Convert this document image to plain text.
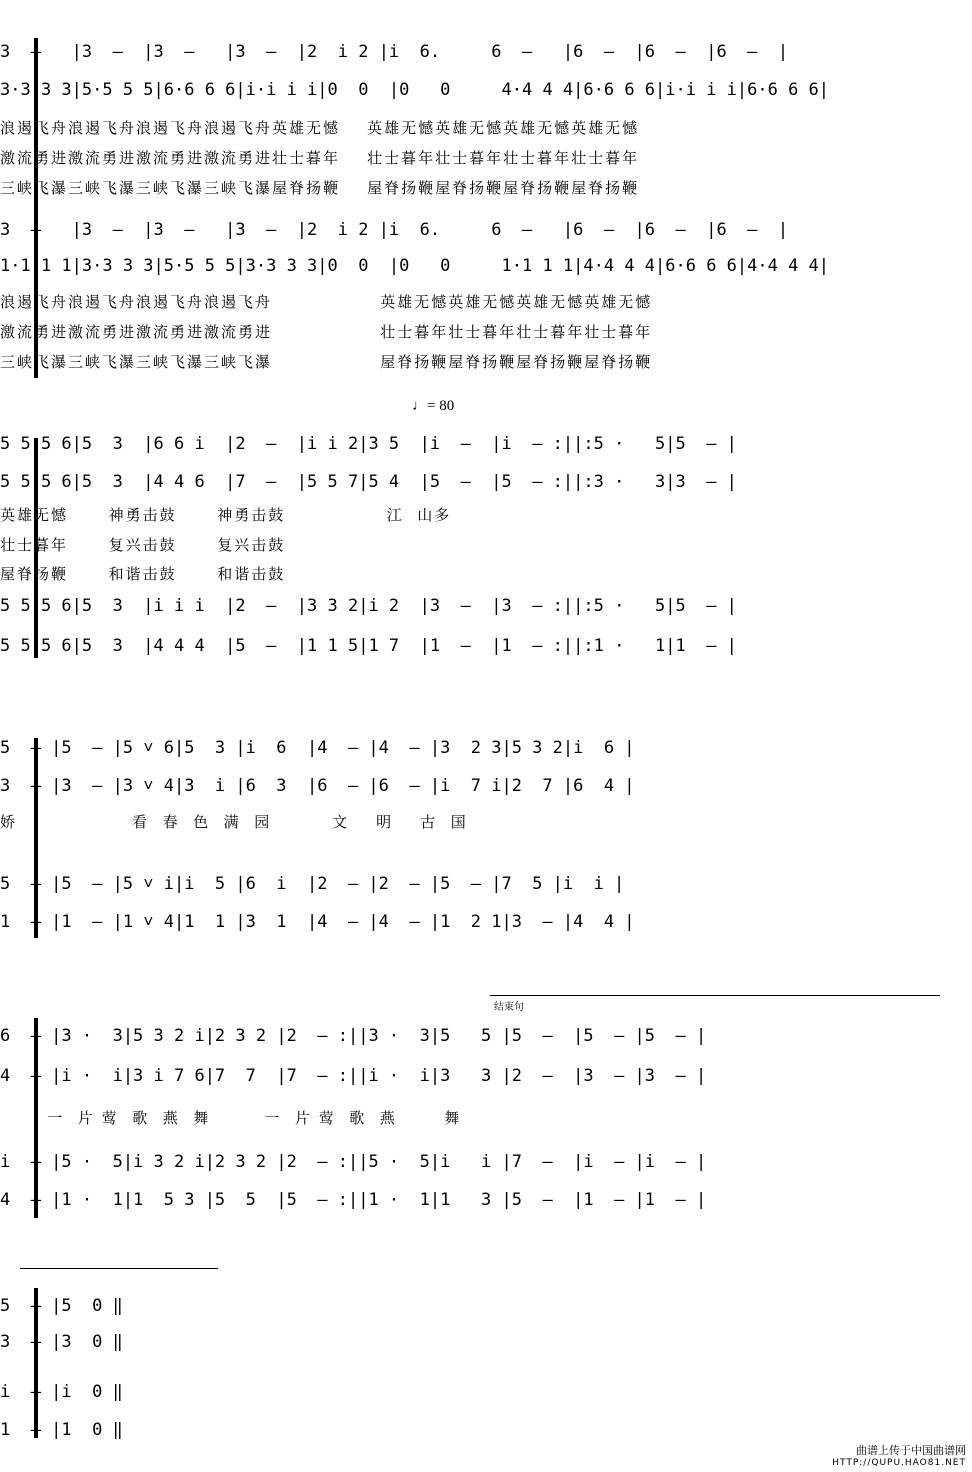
3  —   |3  —  |3  —   |3  —  |2  i 2 |i  6.     6  —   |6  —  |6  —  |6  —  |
3·3 3 3|5·5 5 5|6·6 6 6|i·i i i|0  0  |0   0     4·4 4 4|6·6 6 6|i·i i i|6·6 6 6|
浪遏飞舟浪遏飞舟浪遏飞舟浪遏飞舟英雄无憾    英雄无憾英雄无憾英雄无憾英雄无憾
激流勇进激流勇进激流勇进激流勇进壮士暮年    壮士暮年壮士暮年壮士暮年壮士暮年
三峡飞瀑三峡飞瀑三峡飞瀑三峡飞瀑屋脊扬鞭    屋脊扬鞭屋脊扬鞭屋脊扬鞭屋脊扬鞭
3  —   |3  —  |3  —   |3  —  |2  i 2 |i  6.     6  —   |6  —  |6  —  |6  —  |
1·1 1 1|3·3 3 3|5·5 5 5|3·3 3 3|0  0  |0   0     1·1 1 1|4·4 4 4|6·6 6 6|4·4 4 4|
浪遏飞舟浪遏飞舟浪遏飞舟浪遏飞舟                英雄无憾英雄无憾英雄无憾英雄无憾
激流勇进激流勇进激流勇进激流勇进                壮士暮年壮士暮年壮士暮年壮士暮年
三峡飞瀑三峡飞瀑三峡飞瀑三峡飞瀑                屋脊扬鞭屋脊扬鞭屋脊扬鞭屋脊扬鞭
♩= 80
5 5 5 6|5  3  |6 6 i  |2  —  |i i 2|3 5  |i  —  |i  — :||:5 ·   5|5  — |
5 5 5 6|5  3  |4 4 6  |7  —  |5 5 7|5 4  |5  —  |5  — :||:3 ·   3|3  — |
英雄无憾      神勇击鼓      神勇击鼓               江  山多
壮士暮年      复兴击鼓      复兴击鼓
屋脊扬鞭      和谐击鼓      和谐击鼓
5 5 5 6|5  3  |i i i  |2  —  |3 3 2|i 2  |3  —  |3  — :||:5 ·   5|5  — |
5 5 5 6|5  3  |4 4 4  |5  —  |1 1 5|1 7  |1  —  |1  — :||:1 ·   1|1  — |
5  — |5  — |5 ˅ 6|5  3 |i  6  |4  — |4  — |3  2 3|5 3 2|i  6 |
3  — |3  — |3 ˅ 4|3  i |6  3  |6  — |6  — |i  7 i|2  7 |6  4 |
娇                 看  春  色  满  园         文    明    古  国
5  — |5  — |5 ˅ i|i  5 |6  i  |2  — |2  — |5  — |7  5 |i  i |
1  — |1  — |1 ˅ 4|1  1 |3  1  |4  — |4  — |1  2 1|3  — |4  4 |
结束句
6  — |3 ·  3|5 3 2 i|2 3 2 |2  — :||3 ·  3|5   5 |5  —  |5  — |5  — |
4  — |i ·  i|3 i 7 6|7  7  |7  — :||i ·  i|3   3 |2  —  |3  — |3  — |
一  片 莺  歌  燕  舞        一  片 莺  歌  燕       舞
i  — |5 ·  5|i 3 2 i|2 3 2 |2  — :||5 ·  5|i   i |7  —  |i  — |i  — |
4  — |1 ·  1|1  5 3 |5  5  |5  — :||1 ·  1|1   3 |5  —  |1  — |1  — |
5  — |5  0 ‖
3  — |3  0 ‖
i  — |i  0 ‖
1  — |1  0 ‖
曲谱上传于中国曲谱网
HTTP://QUPU.HAO81.NET
